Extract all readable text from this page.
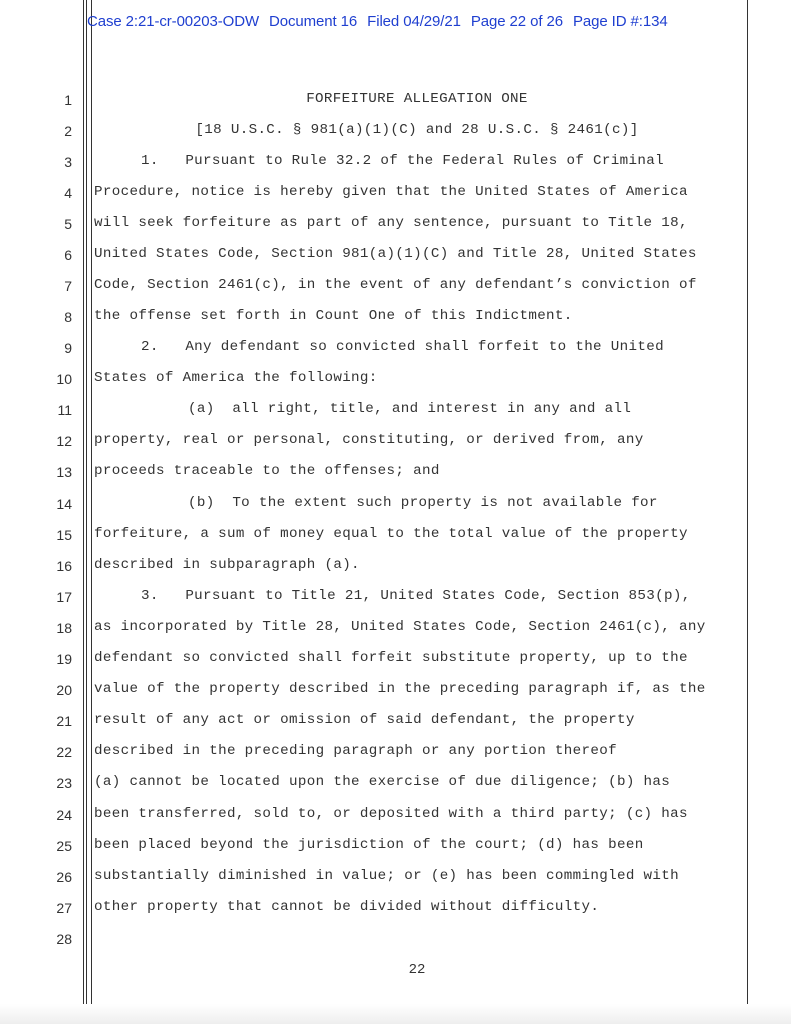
Case 2:21-cr-00203-ODW Document 16 Filed 04/29/21 Page 22 of 26 Page ID #:134
1
2
3
4
5
6
7
8
9
10
11
12
13
14
15
16
17
18
19
20
21
22
23
24
25
26
27
28
FORFEITURE ALLEGATION ONE
[18 U.S.C. § 981(a)(1)(C) and 28 U.S.C. § 2461(c)]
1.   Pursuant to Rule 32.2 of the Federal Rules of Criminal
Procedure, notice is hereby given that the United States of America
will seek forfeiture as part of any sentence, pursuant to Title 18,
United States Code, Section 981(a)(1)(C) and Title 28, United States
Code, Section 2461(c), in the event of any defendant’s conviction of
the offense set forth in Count One of this Indictment.
2.   Any defendant so convicted shall forfeit to the United
States of America the following:
(a)  all right, title, and interest in any and all
property, real or personal, constituting, or derived from, any
proceeds traceable to the offenses; and
(b)  To the extent such property is not available for
forfeiture, a sum of money equal to the total value of the property
described in subparagraph (a).
3.   Pursuant to Title 21, United States Code, Section 853(p),
as incorporated by Title 28, United States Code, Section 2461(c), any
defendant so convicted shall forfeit substitute property, up to the
value of the property described in the preceding paragraph if, as the
result of any act or omission of said defendant, the property
described in the preceding paragraph or any portion thereof
(a) cannot be located upon the exercise of due diligence; (b) has
been transferred, sold to, or deposited with a third party; (c) has
been placed beyond the jurisdiction of the court; (d) has been
substantially diminished in value; or (e) has been commingled with
other property that cannot be divided without difficulty.
22
